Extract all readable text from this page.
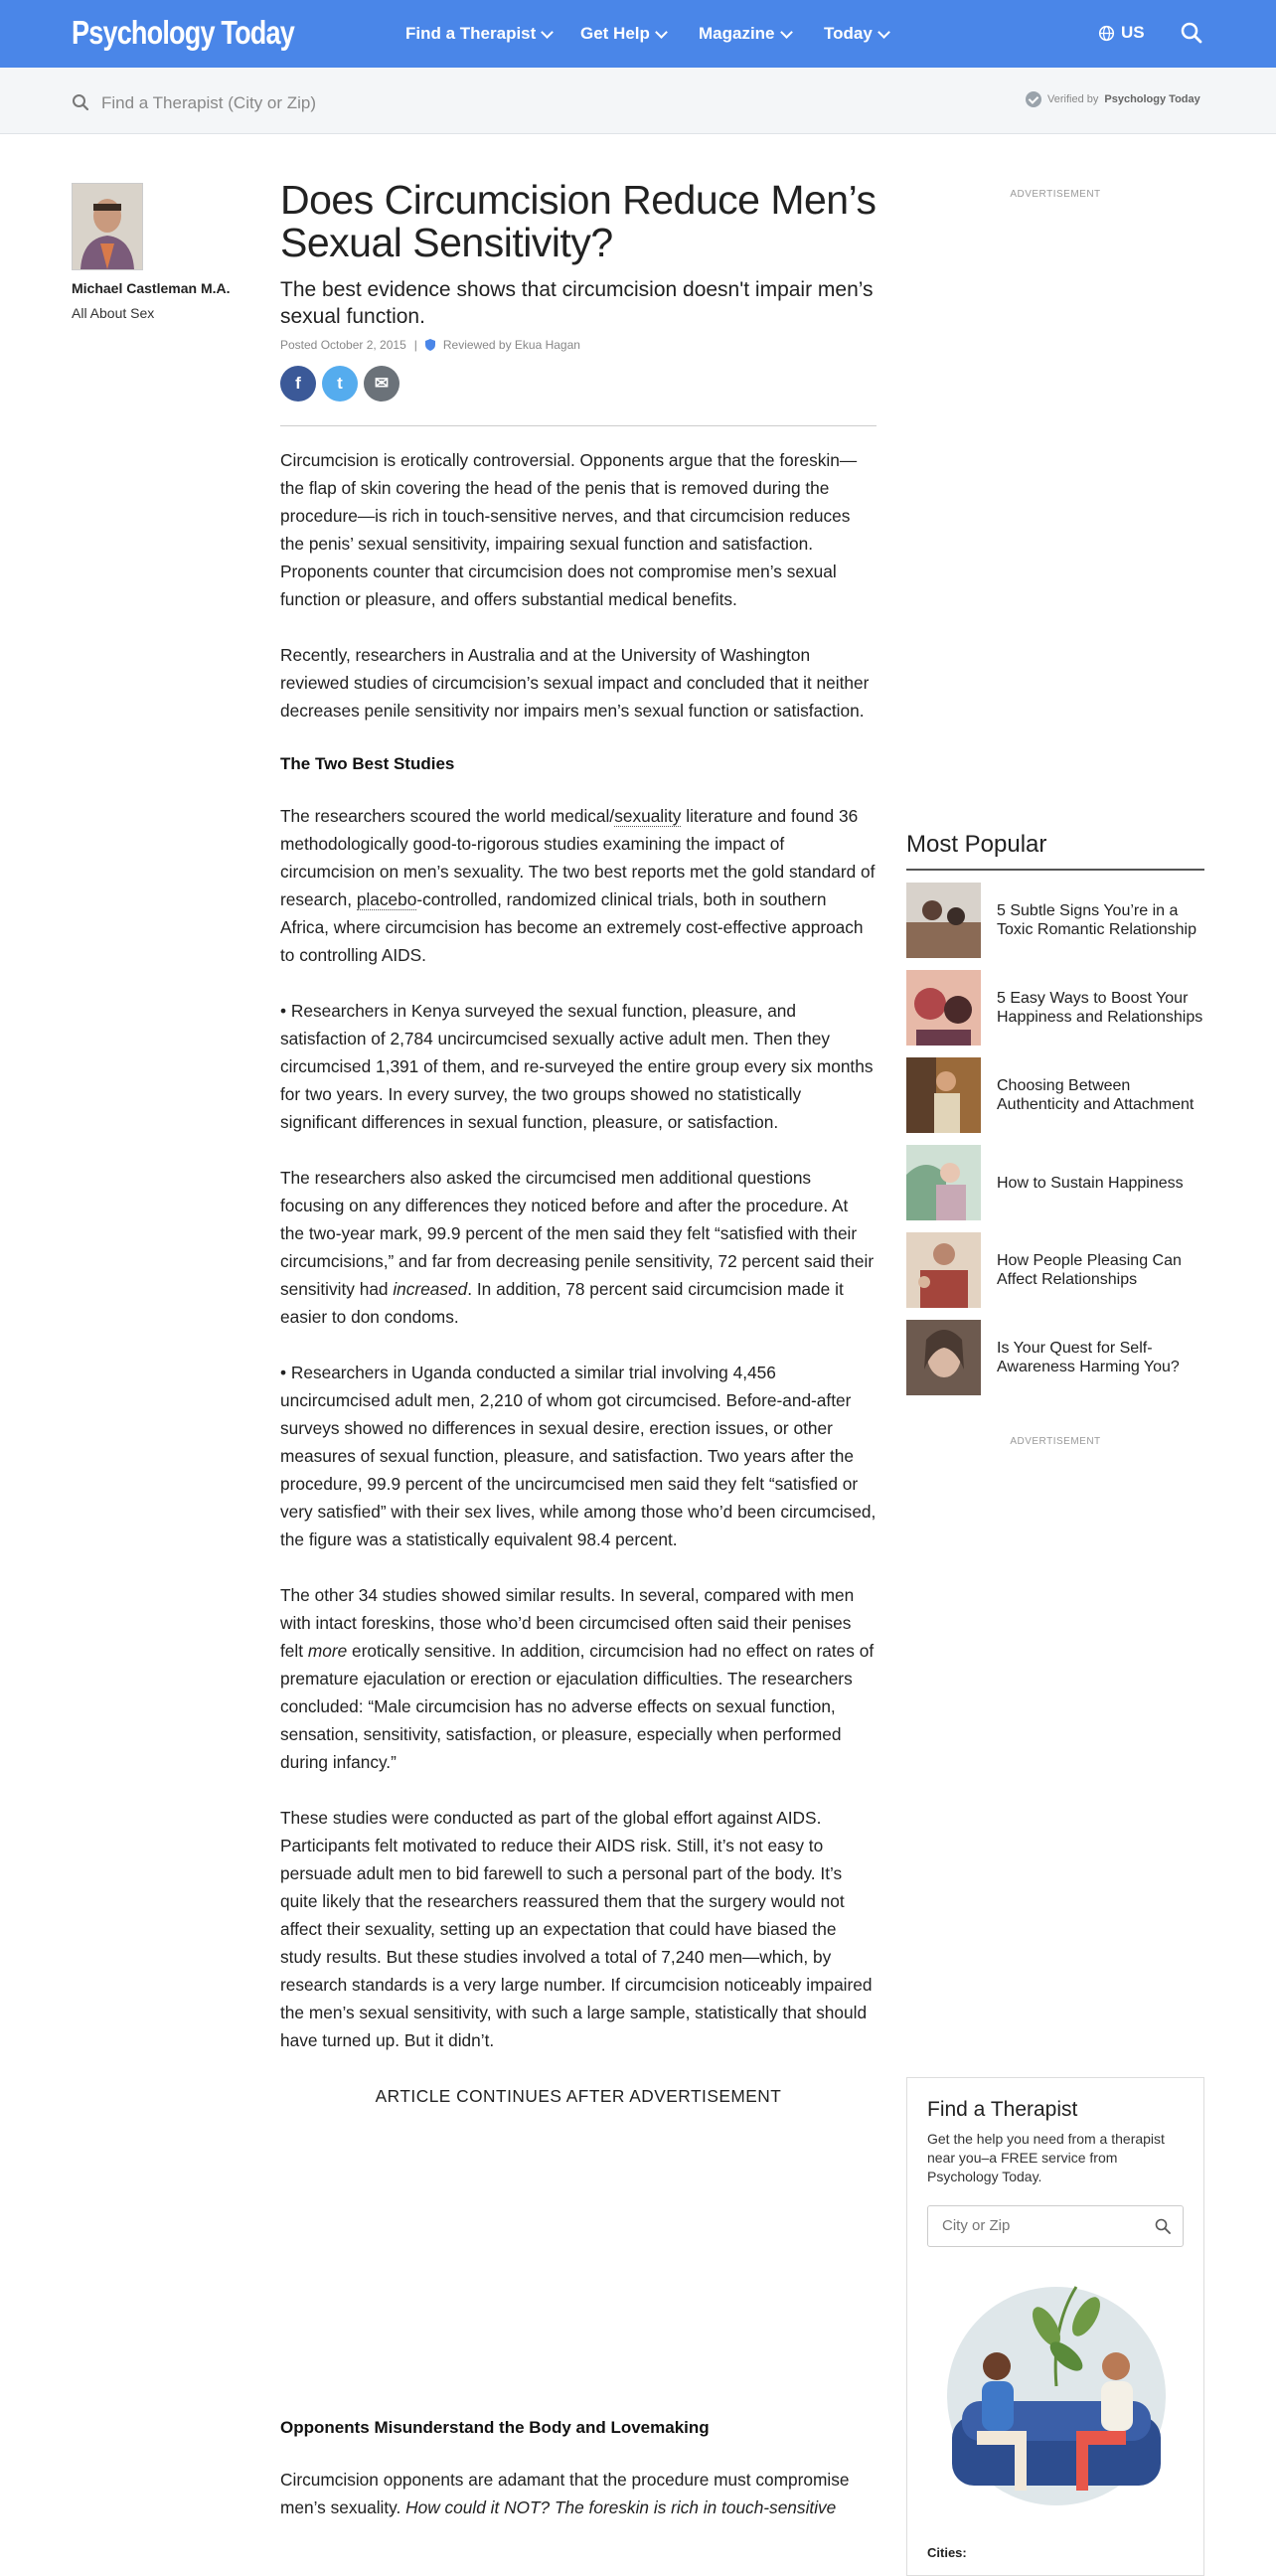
Psychology Today	Find a Therapist	Get Help	Magazine	Today	US
Find a Therapist (City or Zip)
Verified by Psychology Today
Michael Castleman M.A.
All About Sex
Does Circumcision Reduce Men’s Sexual Sensitivity?
The best evidence shows that circumcision doesn't impair men’s sexual function.
Posted October 2, 2015 | Reviewed by Ekua Hagan
f	t	✉

Circumcision is erotically controversial. Opponents argue that the foreskin—the flap of skin covering the head of the penis that is removed during the procedure—is rich in touch-sensitive nerves, and that circumcision reduces the penis’ sexual sensitivity, impairing sexual function and satisfaction. Proponents counter that circumcision does not compromise men’s sexual function or pleasure, and offers substantial medical benefits.

Recently, researchers in Australia and at the University of Washington reviewed studies of circumcision’s sexual impact and concluded that it neither decreases penile sensitivity nor impairs men’s sexual function or satisfaction.

The Two Best Studies

The researchers scoured the world medical/sexuality literature and found 36 methodologically good-to-rigorous studies examining the impact of circumcision on men’s sexuality. The two best reports met the gold standard of research, placebo-controlled, randomized clinical trials, both in southern Africa, where circumcision has become an extremely cost-effective approach to controlling AIDS.

• Researchers in Kenya surveyed the sexual function, pleasure, and satisfaction of 2,784 uncircumcised sexually active adult men. Then they circumcised 1,391 of them, and re-surveyed the entire group every six months for two years. In every survey, the two groups showed no statistically significant differences in sexual function, pleasure, or satisfaction.

The researchers also asked the circumcised men additional questions focusing on any differences they noticed before and after the procedure. At the two-year mark, 99.9 percent of the men said they felt “satisfied with their circumcisions,” and far from decreasing penile sensitivity, 72 percent said their sensitivity had increased. In addition, 78 percent said circumcision made it easier to don condoms.

• Researchers in Uganda conducted a similar trial involving 4,456 uncircumcised adult men, 2,210 of whom got circumcised. Before-and-after surveys showed no differences in sexual desire, erection issues, or other measures of sexual function, pleasure, and satisfaction. Two years after the procedure, 99.9 percent of the uncircumcised men said they felt “satisfied or very satisfied” with their sex lives, while among those who’d been circumcised, the figure was a statistically equivalent 98.4 percent.

The other 34 studies showed similar results. In several, compared with men with intact foreskins, those who’d been circumcised often said their penises felt more erotically sensitive. In addition, circumcision had no effect on rates of premature ejaculation or erection or ejaculation difficulties. The researchers concluded: “Male circumcision has no adverse effects on sexual function, sensation, sensitivity, satisfaction, or pleasure, especially when performed during infancy.”

These studies were conducted as part of the global effort against AIDS. Participants felt motivated to reduce their AIDS risk. Still, it’s not easy to persuade adult men to bid farewell to such a personal part of the body. It’s quite likely that the researchers reassured them that the surgery would not affect their sexuality, setting up an expectation that could have biased the study results. But these studies involved a total of 7,240 men—which, by research standards is a very large number. If circumcision noticeably impaired the men’s sexual sensitivity, with such a large sample, statistically that should have turned up. But it didn’t.

ARTICLE CONTINUES AFTER ADVERTISEMENT

Opponents Misunderstand the Body and Lovemaking

Circumcision opponents are adamant that the procedure must compromise men’s sexuality. How could it NOT? The foreskin is rich in touch-sensitive

ADVERTISEMENT
Most Popular
5 Subtle Signs You’re in a Toxic Romantic Relationship
5 Easy Ways to Boost Your Happiness and Relationships
Choosing Between Authenticity and Attachment
How to Sustain Happiness
How People Pleasing Can Affect Relationships
Is Your Quest for Self-Awareness Harming You?
ADVERTISEMENT
Find a Therapist
Get the help you need from a therapist near you–a FREE service from Psychology Today.
City or Zip
Cities:
